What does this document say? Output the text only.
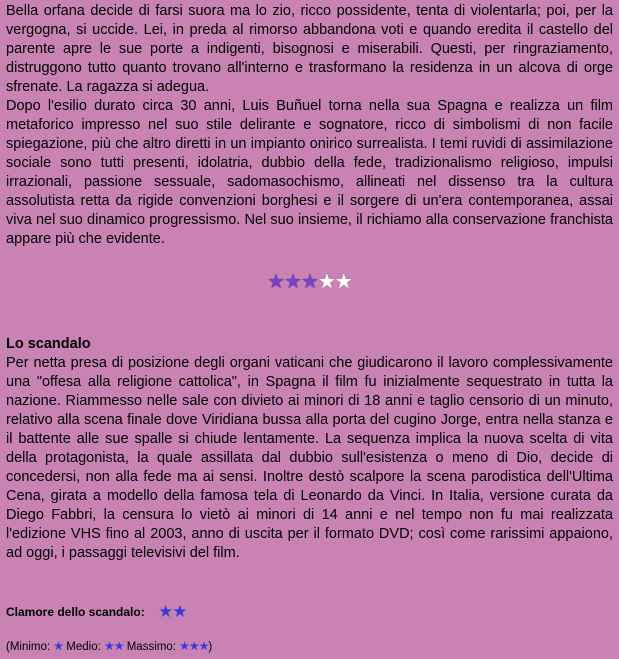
Bella orfana decide di farsi suora ma lo zio, ricco possidente, tenta di violentarla; poi, per la vergogna, si uccide. Lei, in preda al rimorso abbandona voti e quando eredita il castello del parente apre le sue porte a indigenti, bisognosi e miserabili. Questi, per ringraziamento, distruggono tutto quanto trovano all'interno e trasformano la residenza in un alcova di orge sfrenate. La ragazza si adegua.

Dopo l'esilio durato circa 30 anni, Luis Buñuel torna nella sua Spagna e realizza un film metaforico impresso nel suo stile delirante e sognatore, ricco di simbolismi di non facile spiegazione, più che altro diretti in un impianto onirico surrealista. I temi ruvidi di assimilazione sociale sono tutti presenti, idolatria, dubbio della fede, tradizionalismo religioso, impulsi irrazionali, passione sessuale, sadomasochismo, allineati nel dissenso tra la cultura assolutista retta da rigide convenzioni borghesi e il sorgere di un'era contemporanea, assai viva nel suo dinamico progressismo. Nel suo insieme, il richiamo alla conservazione franchista appare più che evidente.

★★★★★
Lo scandalo

Per netta presa di posizione degli organi vaticani che giudicarono il lavoro complessivamente una "offesa alla religione cattolica", in Spagna il film fu inizialmente sequestrato in tutta la nazione. Riammesso nelle sale con divieto ai minori di 18 anni e taglio censorio di un minuto, relativo alla scena finale dove Viridiana bussa alla porta del cugino Jorge, entra nella stanza e il battente alle sue spalle si chiude lentamente. La sequenza implica la nuova scelta di vita della protagonista, la quale assillata dal dubbio sull'esistenza o meno di Dio, decide di concedersi, non alla fede ma ai sensi. Inoltre destò scalpore la scena parodistica dell'Ultima Cena, girata a modello della famosa tela di Leonardo da Vinci. In Italia, versione curata da Diego Fabbri, la censura lo vietò ai minori di 14 anni e nel tempo non fu mai realizzata l'edizione VHS fino al 2003, anno di uscita per il formato DVD; così come rarissimi appaiono, ad oggi, i passaggi televisivi del film.

Clamore dello scandalo: ★★
(Minimo: ★ Medio: ★★ Massimo: ★★★)
